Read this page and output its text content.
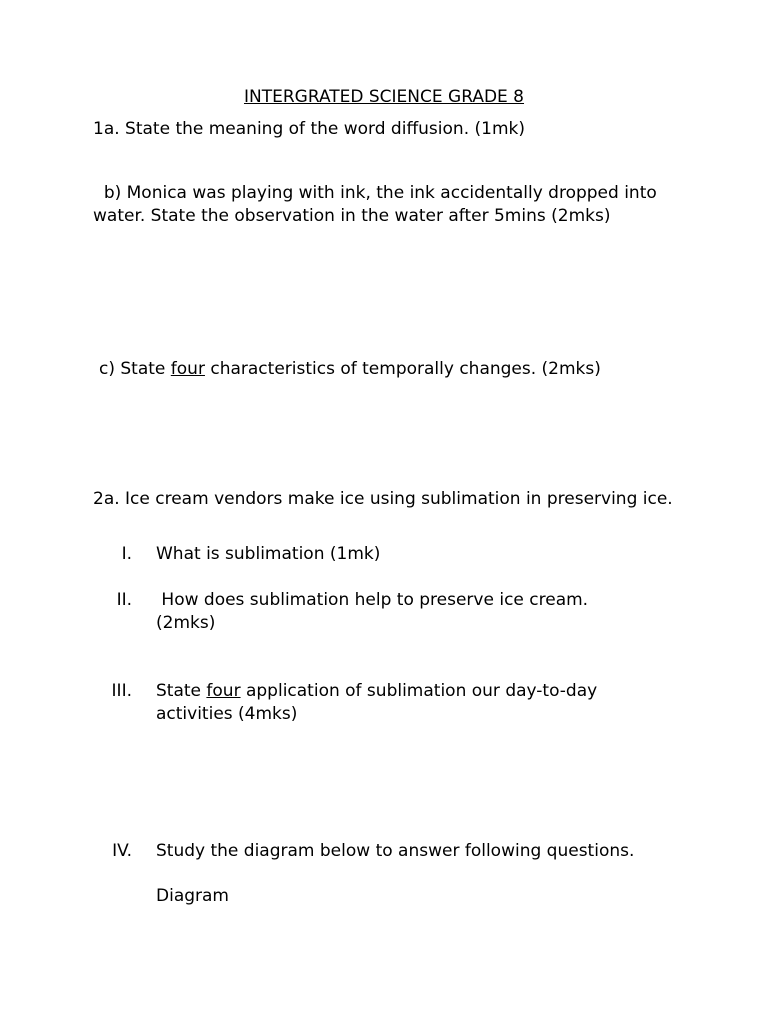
INTERGRATED SCIENCE GRADE 8

1a. State the meaning of the word diffusion. (1mk)

b) Monica was playing with ink, the ink accidentally dropped into water. State the observation in the water after 5mins (2mks)

c) State four characteristics of temporally changes. (2mks)

2a. Ice cream vendors make ice using sublimation in preserving ice.

I. What is sublimation (1mk)
II. How does sublimation help to preserve ice cream. (2mks)
III. State four application of sublimation our day-to-day activities (4mks)
IV. Study the diagram below to answer following questions.
Diagram
